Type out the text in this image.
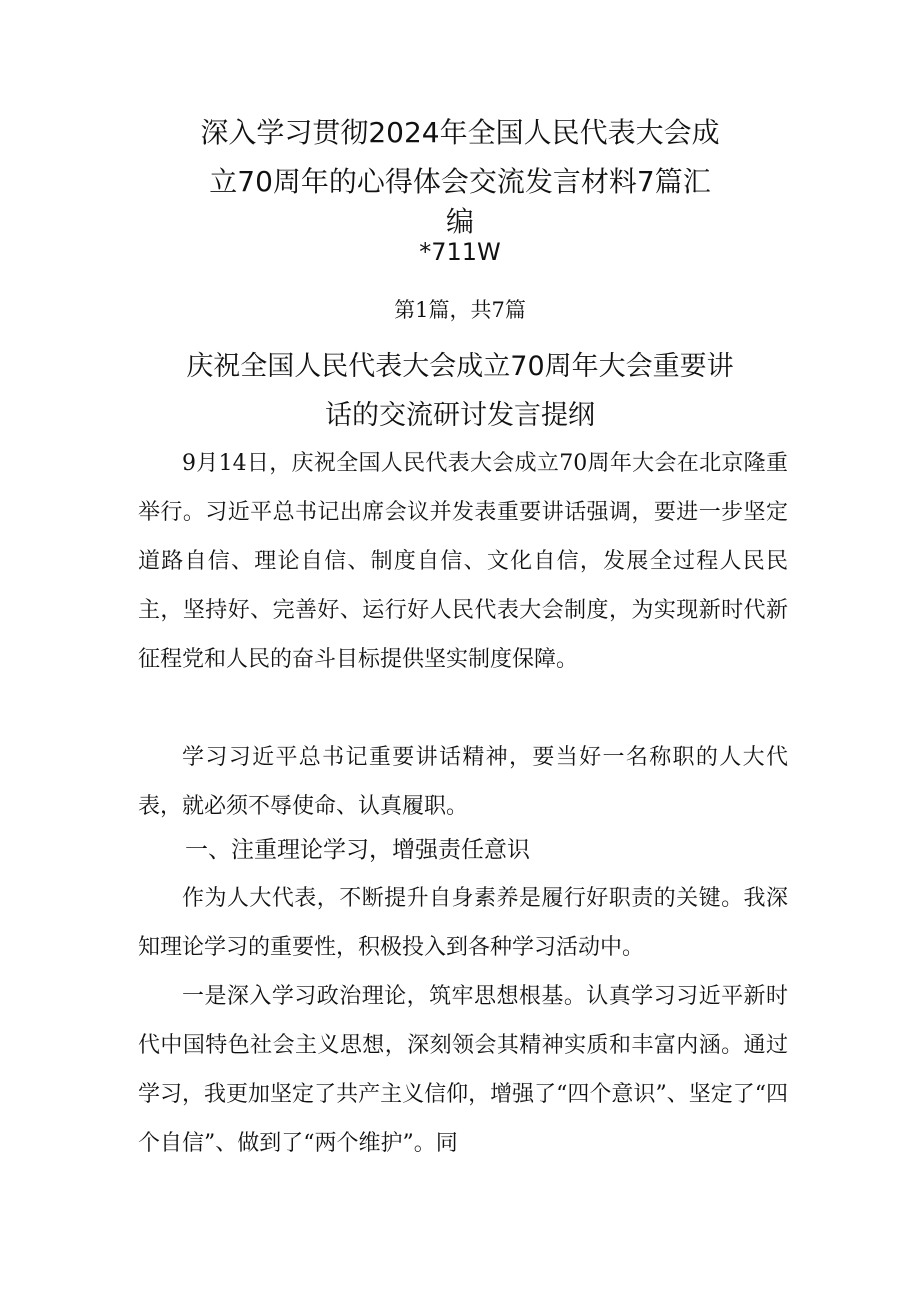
深入学习贯彻2024年全国人民代表大会成
立70周年的心得体会交流发言材料7篇汇
编
*711W
第1篇，共7篇
庆祝全国人民代表大会成立70周年大会重要讲
话的交流研讨发言提纲
9月14日，庆祝全国人民代表大会成立70周年大会在北京隆重举行。习近平总书记出席会议并发表重要讲话强调，要进一步坚定道路自信、理论自信、制度自信、文化自信，发展全过程人民民主，坚持好、完善好、运行好人民代表大会制度，为实现新时代新征程党和人民的奋斗目标提供坚实制度保障。
学习习近平总书记重要讲话精神，要当好一名称职的人大代表，就必须不辱使命、认真履职。
一、注重理论学习，增强责任意识
作为人大代表，不断提升自身素养是履行好职责的关键。我深知理论学习的重要性，积极投入到各种学习活动中。
一是深入学习政治理论，筑牢思想根基。认真学习习近平新时代中国特色社会主义思想，深刻领会其精神实质和丰富内涵。通过学习，我更加坚定了共产主义信仰，增强了“四个意识”、坚定了“四个自信”、做到了“两个维护”。同
